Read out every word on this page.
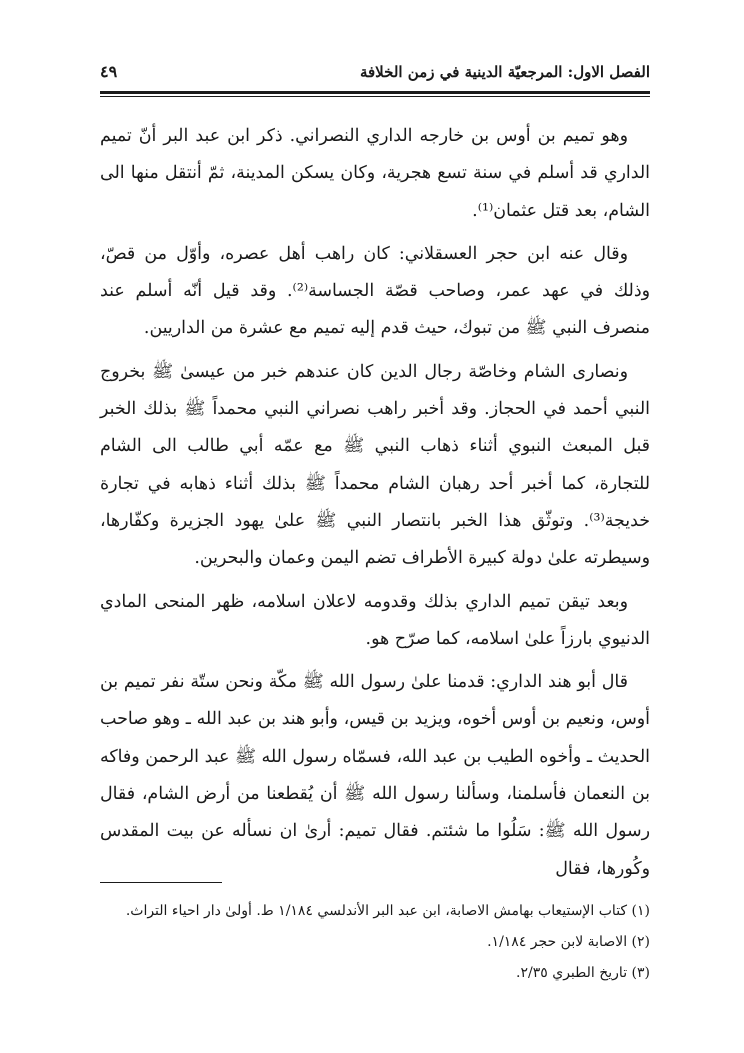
الفصل الاول: المرجعيّة الدينية في زمن الخلافة
٤٩

وهو تميم بن أوس بن خارجه الداري النصراني. ذكر ابن عبد البر أنّ تميم الداري قد أسلم في سنة تسع هجرية، وكان يسكن المدينة، ثمّ أنتقل منها الى الشام، بعد قتل عثمان⁽¹⁾.

وقال عنه ابن حجر العسقلاني: كان راهب أهل عصره، وأوّل من قصّ، وذلك في عهد عمر، وصاحب قصّة الجساسة⁽²⁾. وقد قيل أنّه أسلم عند منصرف النبي ﷺ من تبوك، حيث قدم إليه تميم مع عشرة من الداريين.

ونصارى الشام وخاصّة رجال الدين كان عندهم خبر من عيسىٰ ﷺ بخروج النبي أحمد في الحجاز. وقد أخبر راهب نصراني النبي محمداً ﷺ بذلك الخبر قبل المبعث النبوي أثناء ذهاب النبي ﷺ مع عمّه أبي طالب الى الشام للتجارة، كما أخبر أحد رهبان الشام محمداً ﷺ بذلك أثناء ذهابه في تجارة خديجة⁽³⁾. وتوثّق هذا الخبر بانتصار النبي ﷺ علىٰ يهود الجزيرة وكفّارها، وسيطرته علىٰ دولة كبيرة الأطراف تضم اليمن وعمان والبحرين.

وبعد تيقن تميم الداري بذلك وقدومه لاعلان اسلامه، ظهر المنحى المادي الدنيوي بارزاً علىٰ اسلامه، كما صرّح هو.

قال أبو هند الداري: قدمنا علىٰ رسول الله ﷺ مكّة ونحن ستّة نفر تميم بن أوس، ونعيم بن أوس أخوه، ويزيد بن قيس، وأبو هند بن عبد الله ـ وهو صاحب الحديث ـ وأخوه الطيب بن عبد الله، فسمّاه رسول الله ﷺ عبد الرحمن وفاكه بن النعمان فأسلمنا، وسألنا رسول الله ﷺ أن يُقطعنا من أرض الشام، فقال رسول الله ﷺ: سَلُوا ما شئتم. فقال تميم: أرىٰ ان نسأله عن بيت المقدس وكُورها، فقال

(١) كتاب الإستيعاب بهامش الاصابة، ابن عبد البر الأندلسي ١/١٨٤ ط. أولىٰ دار احياء التراث.

(٢) الاصابة لابن حجر ١/١٨٤.

(٣) تاريخ الطبري ٢/٣٥.
